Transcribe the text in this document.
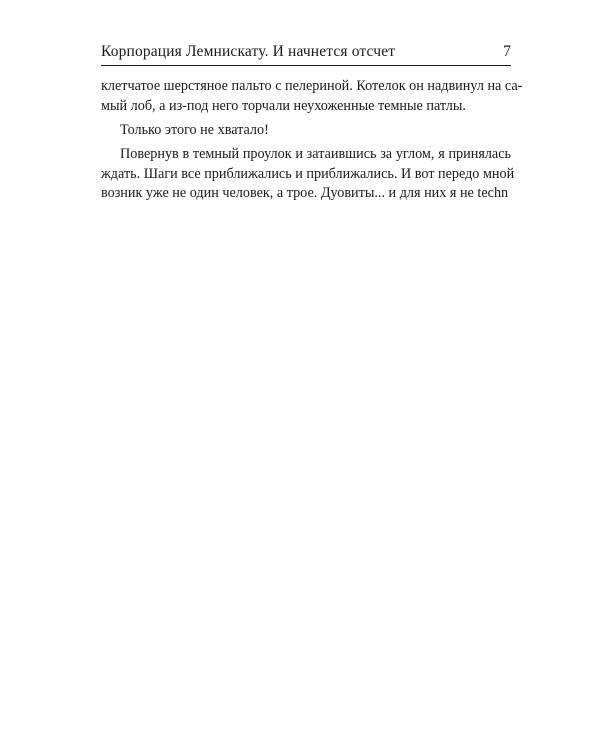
Корпорация Лемнискату. И начнется отсчет	7
клетчатое шерстяное пальто с пелериной. Котелок он надвинул на са-
мый лоб, а из-под него торчали неухоженные темные патлы.
Только этого не хватало!
Повернув в темный проулок и затаившись за углом, я принялась
ждать. Шаги все приближались и приближались. И вот передо мной
возник уже не один человек, а трое. Дуовиты... и для них я не techn
